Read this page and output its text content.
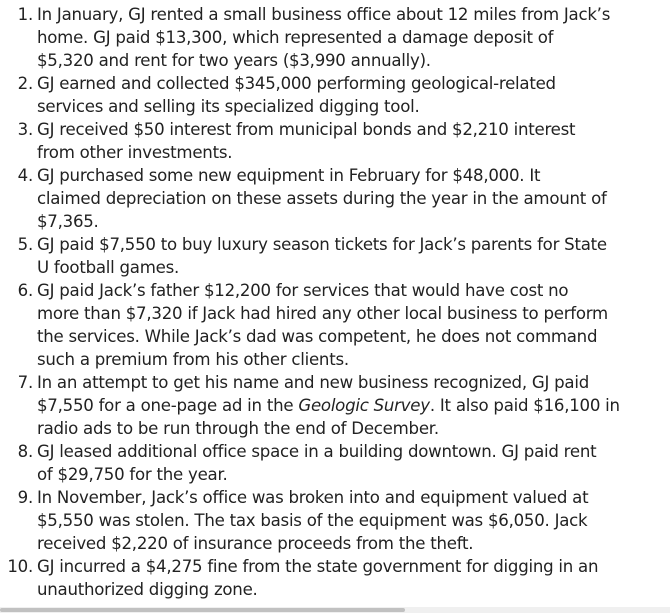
1. In January, GJ rented a small business office about 12 miles from Jack’s
home. GJ paid $13,300, which represented a damage deposit of
$5,320 and rent for two years ($3,990 annually).
2. GJ earned and collected $345,000 performing geological-related
services and selling its specialized digging tool.
3. GJ received $50 interest from municipal bonds and $2,210 interest
from other investments.
4. GJ purchased some new equipment in February for $48,000. It
claimed depreciation on these assets during the year in the amount of
$7,365.
5. GJ paid $7,550 to buy luxury season tickets for Jack’s parents for State
U football games.
6. GJ paid Jack’s father $12,200 for services that would have cost no
more than $7,320 if Jack had hired any other local business to perform
the services. While Jack’s dad was competent, he does not command
such a premium from his other clients.
7. In an attempt to get his name and new business recognized, GJ paid
$7,550 for a one-page ad in the Geologic Survey. It also paid $16,100 in
radio ads to be run through the end of December.
8. GJ leased additional office space in a building downtown. GJ paid rent
of $29,750 for the year.
9. In November, Jack’s office was broken into and equipment valued at
$5,550 was stolen. The tax basis of the equipment was $6,050. Jack
received $2,220 of insurance proceeds from the theft.
10. GJ incurred a $4,275 fine from the state government for digging in an
unauthorized digging zone.
